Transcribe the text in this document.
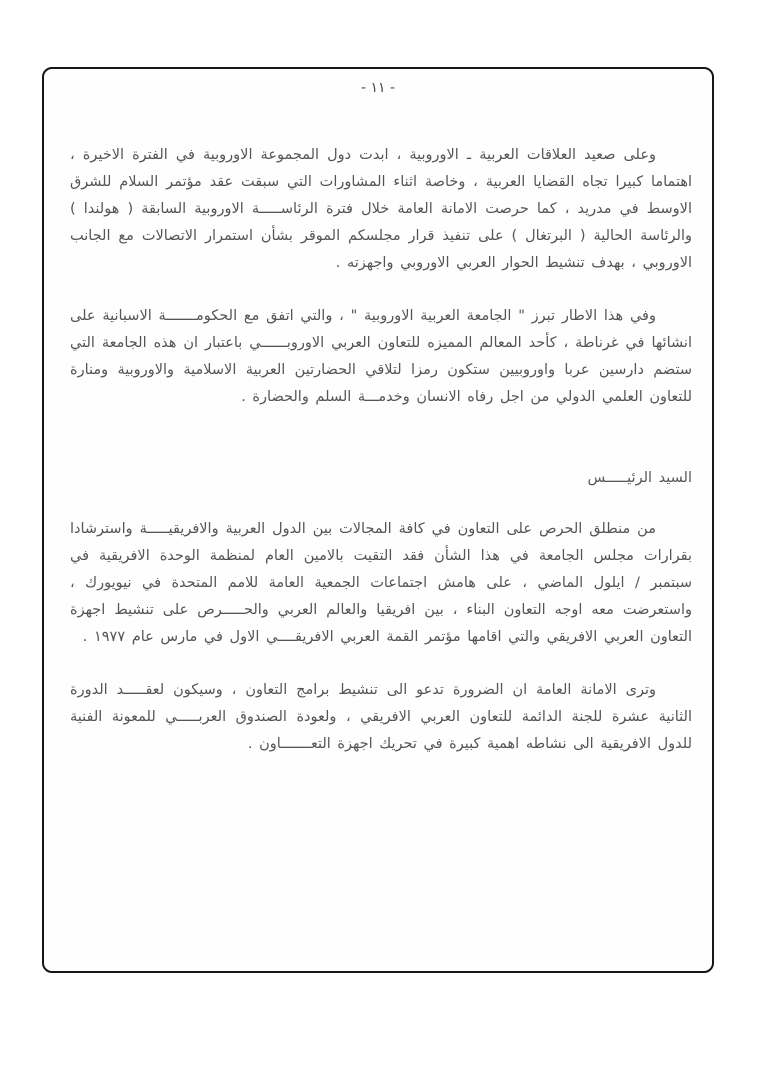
- ١١ -

وعلى صعيد العلاقات العربية ـ الاوروبية ، ابدت دول المجموعة الاوروبية في الفترة الاخيرة ، اهتماما كبيرا تجاه القضايا العربية ، وخاصة اثناء المشاورات التي سبقت عقد مؤتمر السلام للشرق الاوسط في مدريد ، كما حرصت الامانة العامة خلال فترة الرئاســـــة الاوروبية السابقة ( هولندا ) والرئاسة الحالية ( البرتغال ) على تنفيذ قرار مجلسكم الموقر بشأن استمرار الاتصالات مع الجانب الاوروبي ، بهدف تنشيط الحوار العربي الاوروبي واجهزته .

وفي هذا الاطار تبرز " الجامعة العربية الاوروبية " ، والتي اتفق مع الحكومـــــــة الاسبانية على انشائها في غرناطة ، كأحد المعالم المميزه للتعاون العربي الاوروبــــــي باعتبار ان هذه الجامعة التي ستضم دارسين عربا واوروبيين ستكون رمزا لتلاقي الحضارتين العربية الاسلامية والاوروبية ومنارة للتعاون العلمي الدولي من اجل رفاه الانسان وخدمـــة السلم والحضارة .

السيد الرئيـــــس

من منطلق الحرص على التعاون في كافة المجالات بين الدول العربية والافريقيـــــة واسترشادا بقرارات مجلس الجامعة في هذا الشأن فقد التقيت بالامين العام لمنظمة الوحدة الافريقية في سبتمبر / ايلول الماضي ، على هامش اجتماعات الجمعية العامة للامم المتحدة في نيويورك ، واستعرضت معه اوجه التعاون البناء ، بين افريقيا والعالم العربي والحـــــرص على تنشيط اجهزة التعاون العربي الافريقي والتي اقامها مؤتمر القمة العربي الافريقــــي الاول في مارس عام ١٩٧٧ .

وترى الامانة العامة ان الضرورة تدعو الى تنشيط برامج التعاون ، وسيكون لعقـــــد الدورة الثانية عشرة للجنة الدائمة للتعاون العربي الافريقي ، ولعودة الصندوق العربـــــي للمعونة الفنية للدول الافريقية الى نشاطه اهمية كبيرة في تحريك اجهزة التعـــــــاون .
